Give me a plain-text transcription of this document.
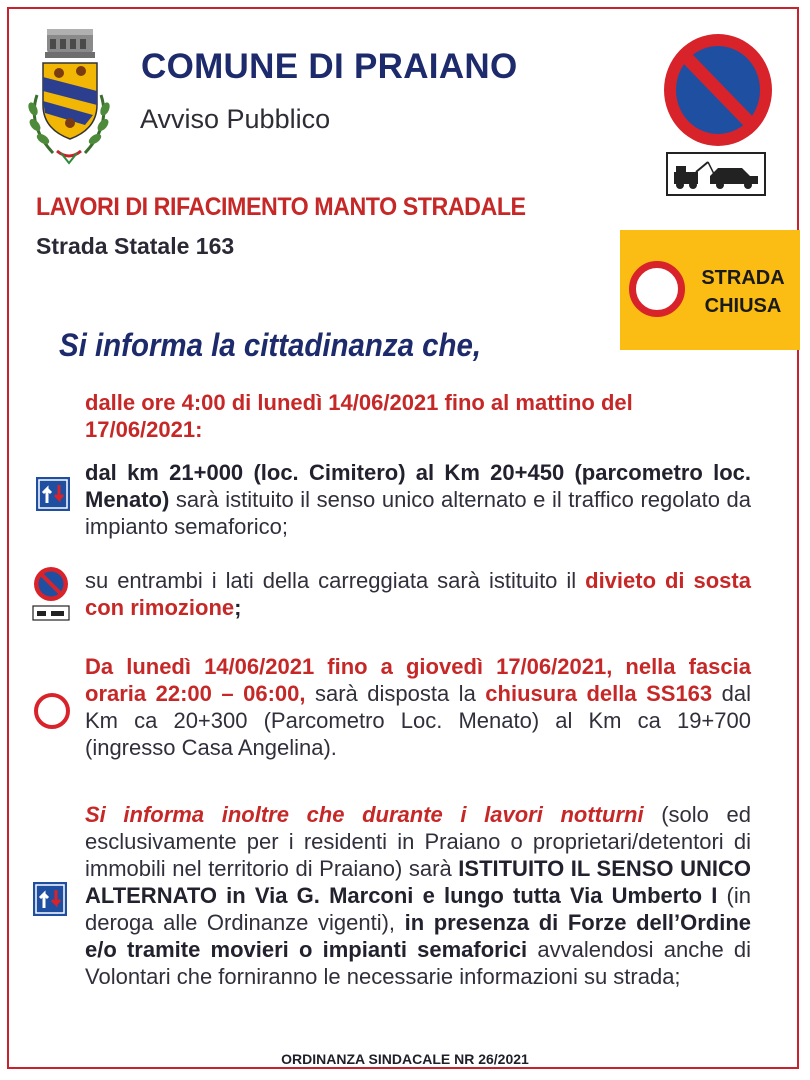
COMUNE DI PRAIANO
Avviso Pubblico
LAVORI DI RIFACIMENTO MANTO STRADALE
Strada Statale 163
STRADA
CHIUSA
Si informa la cittadinanza che,
dalle ore 4:00 di lunedì 14/06/2021 fino al mattino del
17/06/2021:
dal km 21+000 (loc. Cimitero) al Km 20+450 (parcometro loc. Menato) sarà istituito il senso unico alternato e il traffico regolato da impianto semaforico;
su entrambi i lati della carreggiata sarà istituito il divieto di sosta con rimozione;
Da lunedì 14/06/2021 fino a giovedì 17/06/2021, nella fascia oraria 22:00 – 06:00, sarà disposta la chiusura della SS163 dal Km ca 20+300 (Parcometro Loc. Menato) al Km ca 19+700 (ingresso Casa Angelina).
Si informa inoltre che durante i lavori notturni (solo ed esclusivamente per i residenti in Praiano o proprietari/detentori di immobili nel territorio di Praiano) sarà ISTITUITO IL SENSO UNICO ALTERNATO in Via G. Marconi e lungo tutta Via Umberto I (in deroga alle Ordinanze vigenti), in presenza di Forze dell’Ordine e/o tramite movieri o impianti semaforici avvalendosi anche di Volontari che forniranno le necessarie informazioni su strada;
ORDINANZA SINDACALE NR 26/2021
